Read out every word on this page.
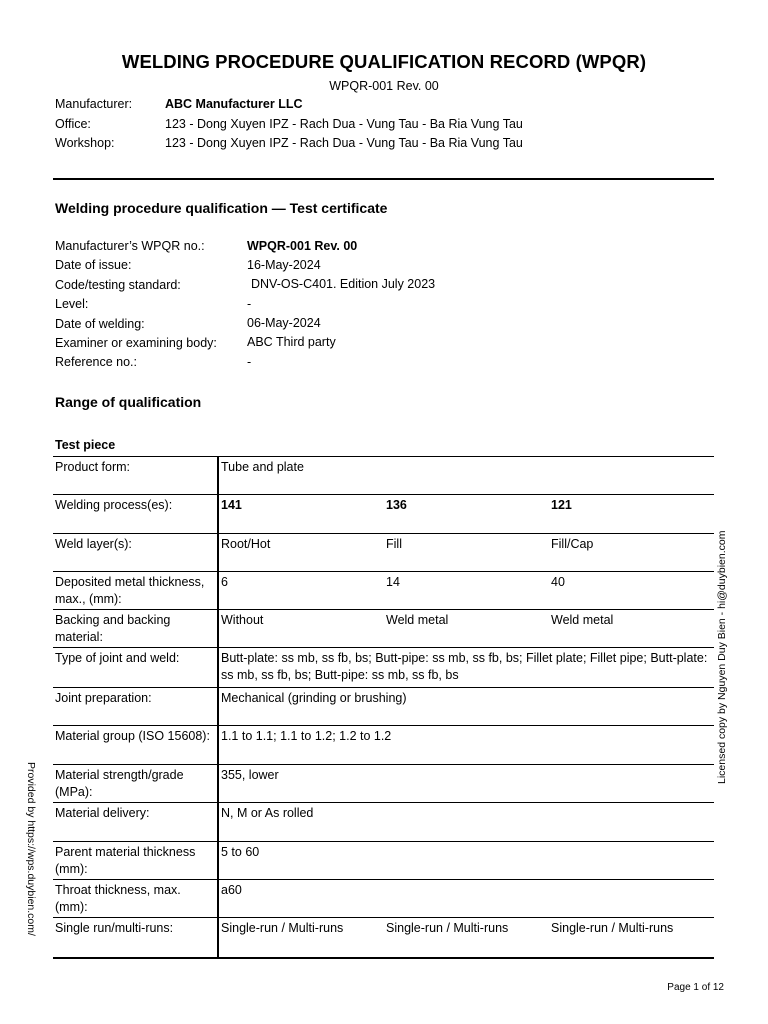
WELDING PROCEDURE QUALIFICATION RECORD (WPQR)
WPQR-001 Rev. 00
Manufacturer:	ABC Manufacturer LLC
Office:	123 - Dong Xuyen IPZ - Rach Dua - Vung Tau - Ba Ria Vung Tau
Workshop:	123 - Dong Xuyen IPZ - Rach Dua - Vung Tau - Ba Ria Vung Tau
Welding procedure qualification — Test certificate
Manufacturer’s WPQR no.:	WPQR-001 Rev. 00
Date of issue:	16-May-2024
Code/testing standard:	DNV-OS-C401. Edition July 2023
Level:	-
Date of welding:	06-May-2024
Examiner or examining body: ABC Third party
Reference no.:	-
Range of qualification
Test piece
Product form:	Tube and plate		
Welding process(es):	141	136	121
Weld layer(s):	Root/Hot	Fill	Fill/Cap
Deposited metal thickness, max., (mm):	6	14	40
Backing and backing material:	Without	Weld metal	Weld metal
Type of joint and weld:	Butt-plate: ss mb, ss fb, bs; Butt-pipe: ss mb, ss fb, bs; Fillet plate; Fillet pipe; Butt-plate: ss mb, ss fb, bs; Butt-pipe: ss mb, ss fb, bs		
Joint preparation:	Mechanical (grinding or brushing)		
Material group (ISO 15608):	1.1 to 1.1; 1.1 to 1.2; 1.2 to 1.2		
Material strength/grade (MPa):	355, lower		
Material delivery:	N, M or As rolled		
Parent material thickness (mm):	5 to 60		
Throat thickness, max. (mm):	a60		
Single run/multi-runs:	Single-run / Multi-runs	Single-run / Multi-runs	Single-run / Multi-runs
Provided by https://wps.duybien.com/
Licensed copy by Nguyen Duy Bien - hi@duybien.com
Page 1 of 12
